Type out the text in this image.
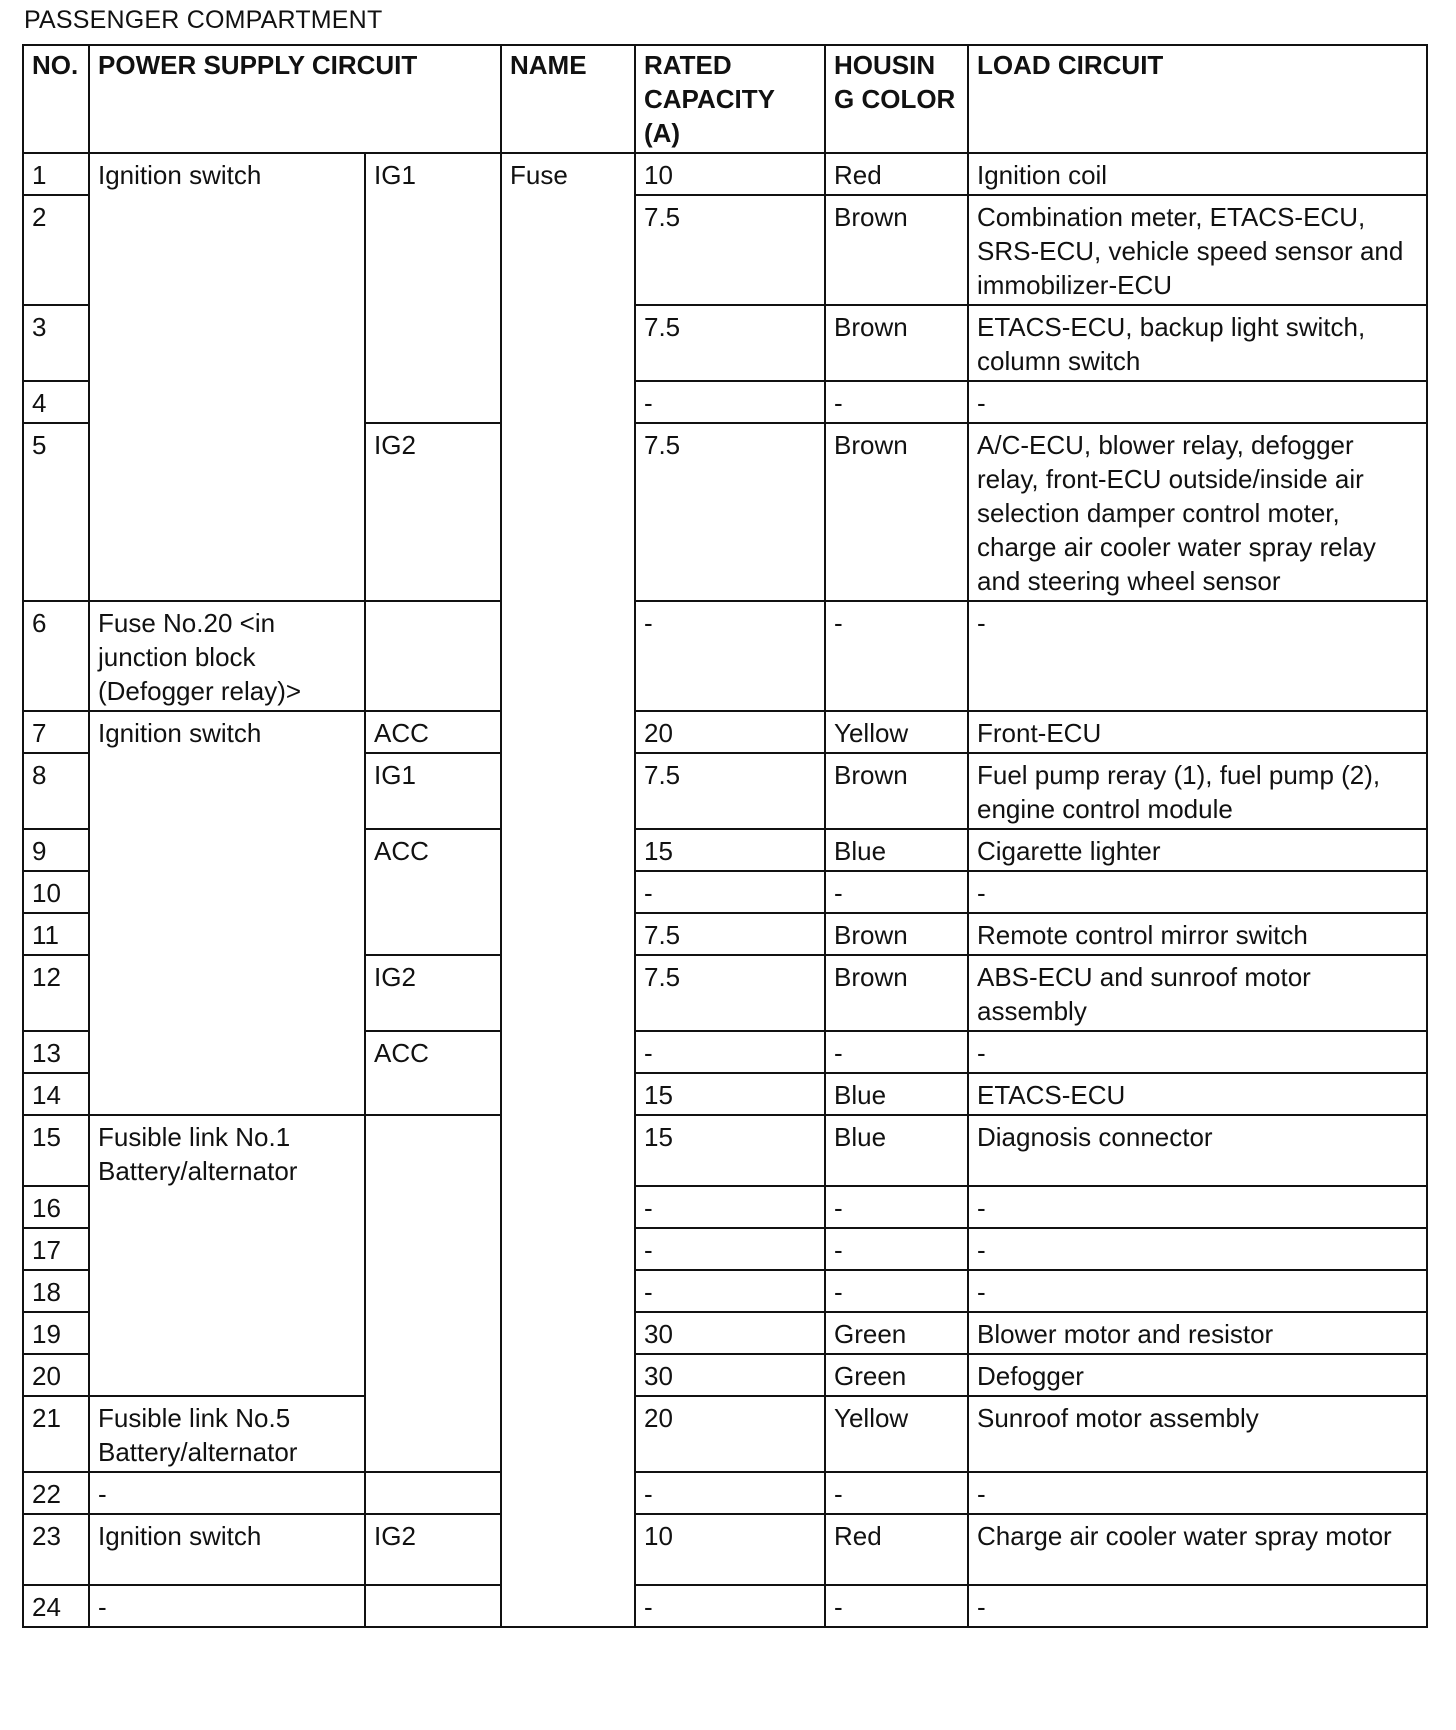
PASSENGER COMPARTMENT
NO.	POWER SUPPLY CIRCUIT		NAME	RATED CAPACITY (A)	HOUSIN G COLOR	LOAD CIRCUIT
1	Ignition switch	IG1	Fuse	10	Red	Ignition coil
2				7.5	Brown	Combination meter, ETACS-ECU, SRS-ECU, vehicle speed sensor and immobilizer-ECU
3				7.5	Brown	ETACS-ECU, backup light switch, column switch
4				-	-	-
5		IG2		7.5	Brown	A/C-ECU, blower relay, defogger relay, front-ECU outside/inside air selection damper control moter, charge air cooler water spray relay and steering wheel sensor
6	Fuse No.20 <in junction block (Defogger relay)>			-	-	-
7	Ignition switch	ACC		20	Yellow	Front-ECU
8		IG1		7.5	Brown	Fuel pump reray (1), fuel pump (2), engine control module
9		ACC		15	Blue	Cigarette lighter
10				-	-	-
11				7.5	Brown	Remote control mirror switch
12		IG2		7.5	Brown	ABS-ECU and sunroof motor assembly
13		ACC		-	-	-
14				15	Blue	ETACS-ECU
15	Fusible link No.1 Battery/alternator			15	Blue	Diagnosis connector
16				-	-	-
17				-	-	-
18				-	-	-
19				30	Green	Blower motor and resistor
20				30	Green	Defogger
21	Fusible link No.5 Battery/alternator			20	Yellow	Sunroof motor assembly
22	-			-	-	-
23	Ignition switch	IG2		10	Red	Charge air cooler water spray motor
24	-			-	-	-
